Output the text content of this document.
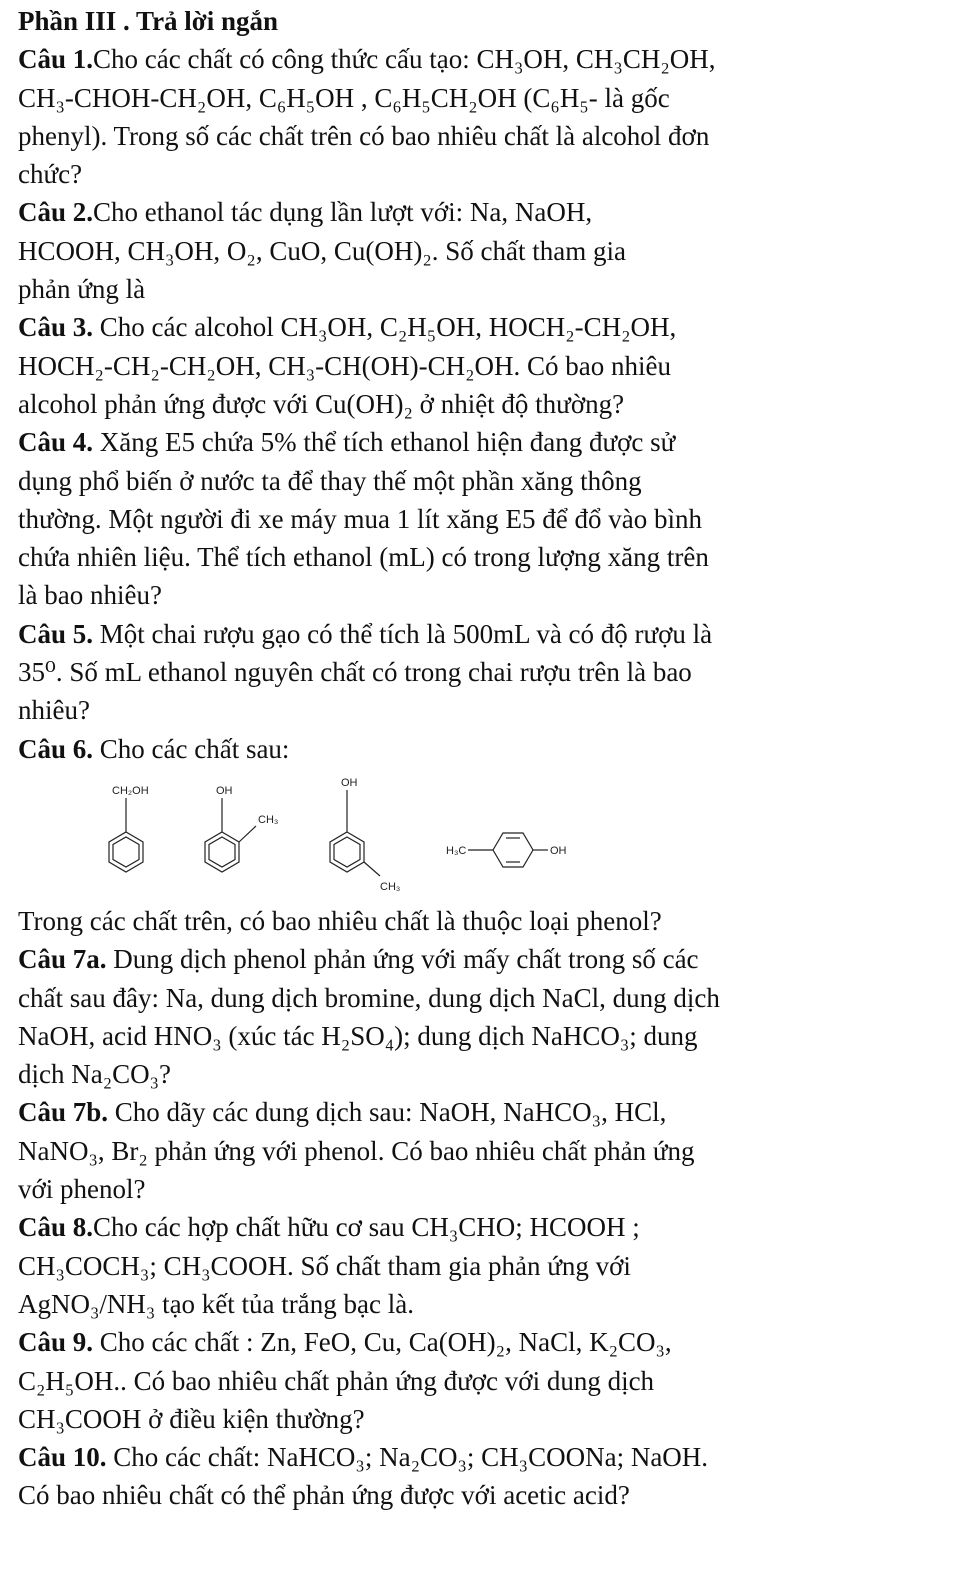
Phần III . Trả lời ngắn

Câu 1.Cho các chất có công thức cấu tạo: CH₃OH, CH₃CH₂OH,
CH₃-CHOH-CH₂OH, C₆H₅OH , C₆H₅CH₂OH (C₆H₅- là gốc
phenyl). Trong số các chất trên có bao nhiêu chất là alcohol đơn
chức?
Câu 2.Cho ethanol tác dụng lần lượt với: Na, NaOH,
HCOOH, CH₃OH, O₂, CuO, Cu(OH)₂. Số chất tham gia
phản ứng là
Câu 3. Cho các alcohol CH₃OH, C₂H₅OH, HOCH₂-CH₂OH,
HOCH₂-CH₂-CH₂OH, CH₃-CH(OH)-CH₂OH. Có bao nhiêu
alcohol phản ứng được với Cu(OH)₂ ở nhiệt độ thường?
Câu 4. Xăng E5 chứa 5% thể tích ethanol hiện đang được sử
dụng phổ biến ở nước ta để thay thế một phần xăng thông
thường. Một người đi xe máy mua 1 lít xăng E5 để đổ vào bình
chứa nhiên liệu. Thể tích ethanol (mL) có trong lượng xăng trên
là bao nhiêu?
Câu 5. Một chai rượu gạo có thể tích là 500mL và có độ rượu là
35⁰. Số mL ethanol nguyên chất có trong chai rượu trên là bao
nhiêu?
Câu 6. Cho các chất sau:
CH₂OH	OH
CH₃
OH
CH₃
H₃C	OH
Trong các chất trên, có bao nhiêu chất là thuộc loại phenol?
Câu 7a. Dung dịch phenol phản ứng với mấy chất trong số các
chất sau đây: Na, dung dịch bromine, dung dịch NaCl, dung dịch
NaOH, acid HNO₃ (xúc tác H₂SO₄); dung dịch NaHCO₃; dung
dịch Na₂CO₃?
Câu 7b. Cho dãy các dung dịch sau: NaOH, NaHCO₃, HCl,
NaNO₃, Br₂ phản ứng với phenol. Có bao nhiêu chất phản ứng
với phenol?
Câu 8.Cho các hợp chất hữu cơ sau CH₃CHO; HCOOH ;
CH₃COCH₃; CH₃COOH. Số chất tham gia phản ứng với
AgNO₃/NH₃ tạo kết tủa trắng bạc là.
Câu 9. Cho các chất : Zn, FeO, Cu, Ca(OH)₂, NaCl, K₂CO₃,
C₂H₅OH.. Có bao nhiêu chất phản ứng được với dung dịch
CH₃COOH ở điều kiện thường?
Câu 10. Cho các chất: NaHCO₃; Na₂CO₃; CH₃COONa; NaOH.
Có bao nhiêu chất có thể phản ứng được với acetic acid?
